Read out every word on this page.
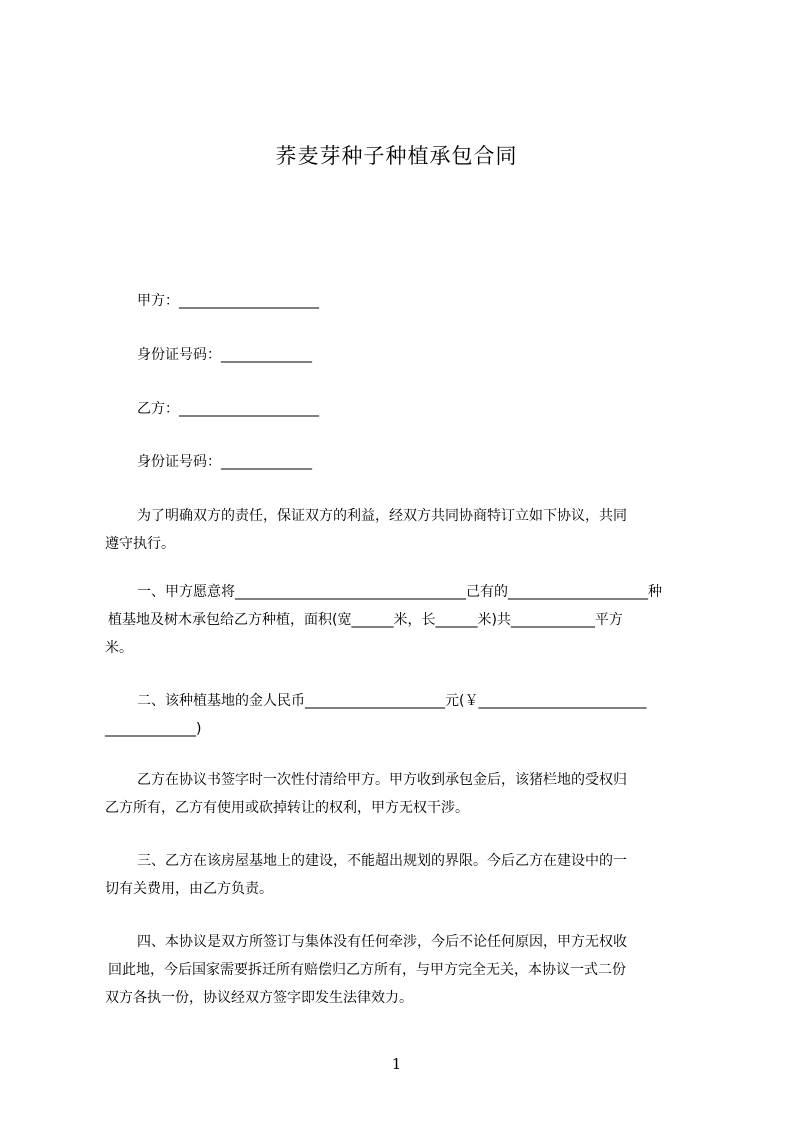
荞麦芽种子种植承包合同
甲方：____________________
身份证号码：_____________
乙方：____________________
身份证号码：_____________
为了明确双方的责任，保证双方的利益，经双方共同协商特订立如下协议，共同
遵守执行。
一、甲方愿意将_________________________________己有的____________________种
植基地及树木承包给乙方种植，面积(宽______米，长______米)共____________平方
米。
二、该种植基地的金人民币____________________元(￥________________________
_____________)
乙方在协议书签字时一次性付清给甲方。甲方收到承包金后，该猪栏地的受权归
乙方所有，乙方有使用或砍掉转让的权利，甲方无权干涉。
三、乙方在该房屋基地上的建设，不能超出规划的界限。今后乙方在建设中的一
切有关费用，由乙方负责。
四、本协议是双方所签订与集体没有任何牵涉，今后不论任何原因，甲方无权收
回此地，今后国家需要拆迁所有赔偿归乙方所有，与甲方完全无关，本协议一式二份
双方各执一份，协议经双方签字即发生法律效力。
1
